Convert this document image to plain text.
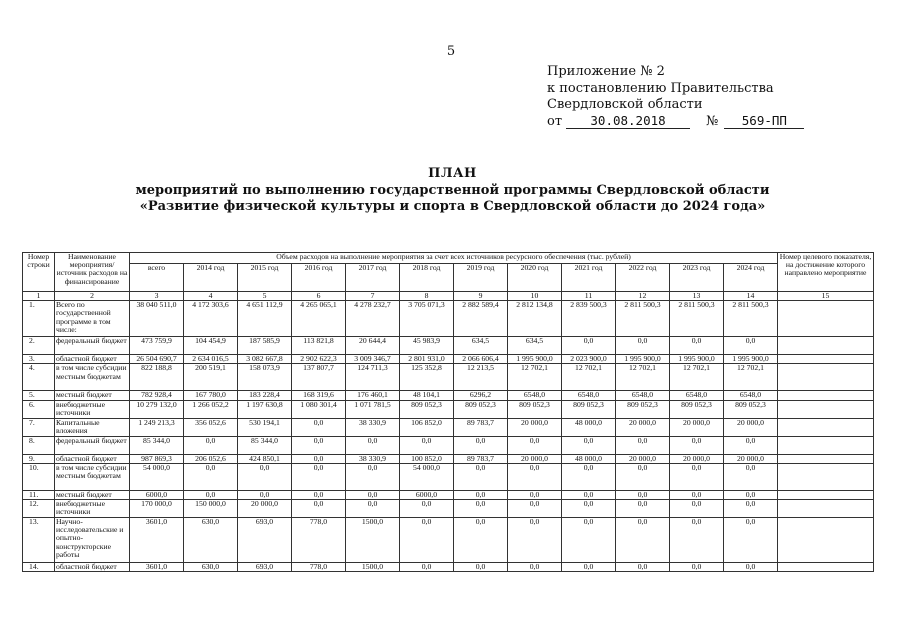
5
Приложение № 2
к постановлению Правительства
Свердловской области
от 30.08.2018	№ 569-ПП
ПЛАН
мероприятий по выполнению государственной программы Свердловской области
«Развитие физической культуры и спорта в Свердловской области до 2024 года»
Номер строки	Наименование мероприятия/ источник расходов на финансирование	Объем расходов на выполнение мероприятия за счет всех источников ресурсного обеспечения (тыс. рублей)												Номер целевого показателя, на достижение которого направлено мероприятие
		всего	2014 год	2015 год	2016 год	2017 год	2018 год	2019 год	2020 год	2021 год	2022 год	2023 год	2024 год	
1	2	3	4	5	6	7	8	9	10	11	12	13	14	15
1.	Всего по государственной программе в том числе:	38 040 511,0	4 172 303,6	4 651 112,9	4 265 065,1	4 278 232,7	3 705 071,3	2 882 589,4	2 812 134,8	2 839 500,3	2 811 500,3	2 811 500,3	2 811 500,3	
2.	федеральный бюджет	473 759,9	104 454,9	187 585,9	113 821,8	20 644,4	45 983,9	634,5	634,5	0,0	0,0	0,0	0,0	
3.	областной бюджет	26 504 690,7	2 634 016,5	3 082 667,8	2 902 622,3	3 009 346,7	2 801 931,0	2 066 606,4	1 995 900,0	2 023 900,0	1 995 900,0	1 995 900,0	1 995 900,0	
4.	в том числе субсидии местным бюджетам	822 188,8	200 519,1	158 073,9	137 807,7	124 711,3	125 352,8	12 213,5	12 702,1	12 702,1	12 702,1	12 702,1	12 702,1	
5.	местный бюджет	782 928,4	167 780,0	183 228,4	168 319,6	176 460,1	48 104,1	6296,2	6548,0	6548,0	6548,0	6548,0	6548,0	
6.	внебюджетные источники	10 279 132,0	1 266 052,2	1 197 630,8	1 080 301,4	1 071 781,5	809 052,3	809 052,3	809 052,3	809 052,3	809 052,3	809 052,3	809 052,3	
7.	Капитальные вложения	1 249 213,3	356 052,6	530 194,1	0,0	38 330,9	106 852,0	89 783,7	20 000,0	48 000,0	20 000,0	20 000,0	20 000,0	
8.	федеральный бюджет	85 344,0	0,0	85 344,0	0,0	0,0	0,0	0,0	0,0	0,0	0,0	0,0	0,0	
9.	областной бюджет	987 869,3	206 052,6	424 850,1	0,0	38 330,9	100 852,0	89 783,7	20 000,0	48 000,0	20 000,0	20 000,0	20 000,0	
10.	в том числе субсидии местным бюджетам	54 000,0	0,0	0,0	0,0	0,0	54 000,0	0,0	0,0	0,0	0,0	0,0	0,0	
11.	местный бюджет	6000,0	0,0	0,0	0,0	0,0	6000,0	0,0	0,0	0,0	0,0	0,0	0,0	
12.	внебюджетные источники	170 000,0	150 000,0	20 000,0	0,0	0,0	0,0	0,0	0,0	0,0	0,0	0,0	0,0	
13.	Научно-исследовательские и опытно-конструкторские работы	3601,0	630,0	693,0	778,0	1500,0	0,0	0,0	0,0	0,0	0,0	0,0	0,0	
14.	областной бюджет	3601,0	630,0	693,0	778,0	1500,0	0,0	0,0	0,0	0,0	0,0	0,0	0,0	
